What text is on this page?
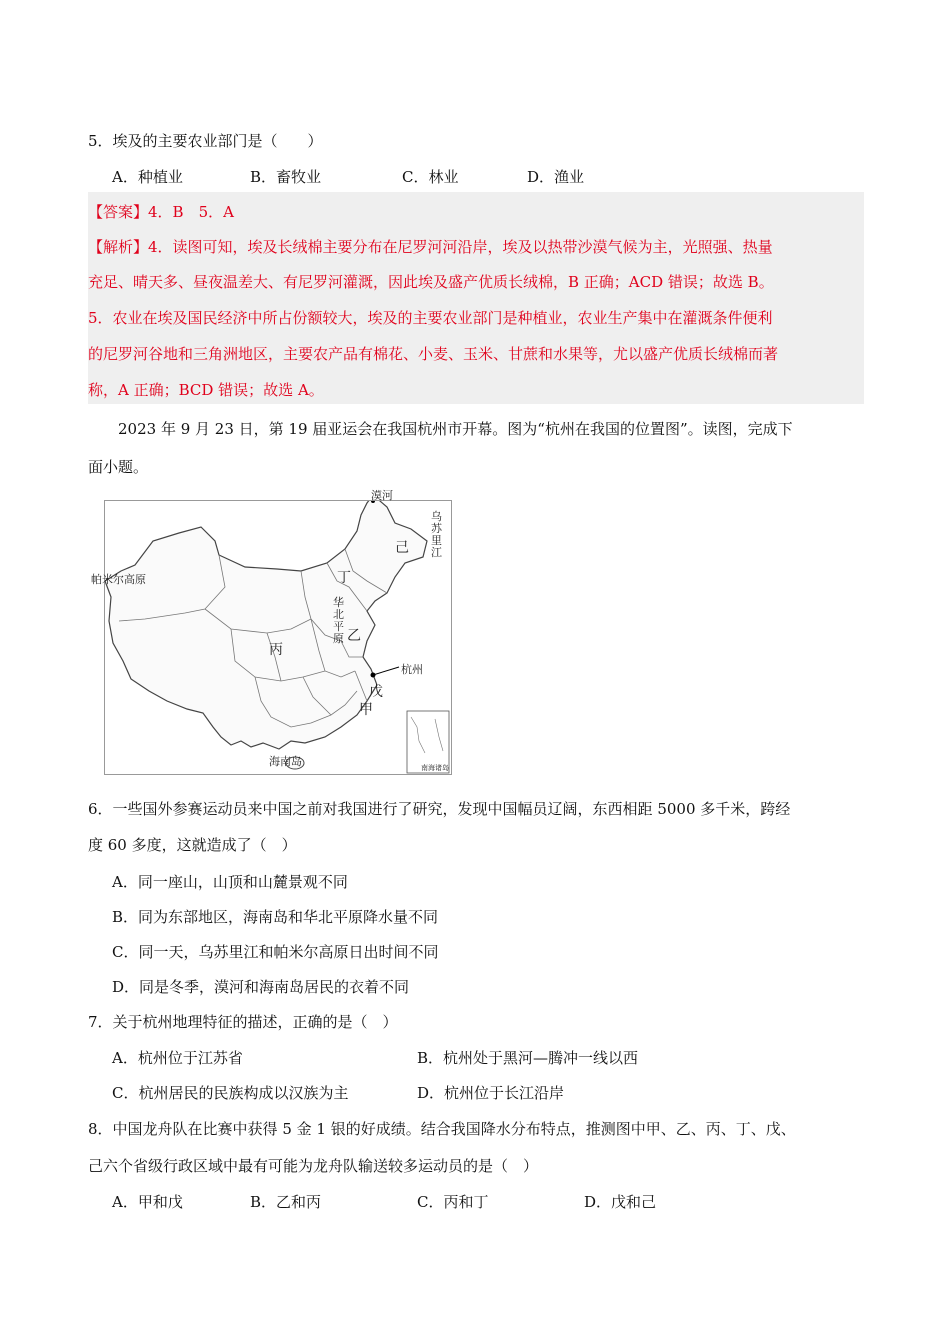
5．埃及的主要农业部门是（　　）
A．种植业	B．畜牧业	C．林业	D．渔业
【答案】4．B　5．A
【解析】4．读图可知，埃及长绒棉主要分布在尼罗河河沿岸，埃及以热带沙漠气候为主，光照强、热量
充足、晴天多、昼夜温差大、有尼罗河灌溉，因此埃及盛产优质长绒棉，B 正确；ACD 错误；故选 B。
5．农业在埃及国民经济中所占份额较大，埃及的主要农业部门是种植业，农业生产集中在灌溉条件便利
的尼罗河谷地和三角洲地区，主要农产品有棉花、小麦、玉米、甘蔗和水果等，尤以盛产优质长绒棉而著
称，A 正确；BCD 错误；故选 A。
2023 年 9 月 23 日，第 19 届亚运会在我国杭州市开幕。图为“杭州在我国的位置图”。读图，完成下
面小题。
漠河
乌苏里江
帕米尔高原
华北平原
杭州
海南岛	南海诸岛
己
丁
乙
丙
戊
甲
6．一些国外参赛运动员来中国之前对我国进行了研究，发现中国幅员辽阔，东西相距 5000 多千米，跨经
度 60 多度，这就造成了（　）
A．同一座山，山顶和山麓景观不同
B．同为东部地区，海南岛和华北平原降水量不同
C．同一天，乌苏里江和帕米尔高原日出时间不同
D．同是冬季，漠河和海南岛居民的衣着不同
7．关于杭州地理特征的描述，正确的是（　）
A．杭州位于江苏省	B．杭州处于黑河—腾冲一线以西
C．杭州居民的民族构成以汉族为主	D．杭州位于长江沿岸
8．中国龙舟队在比赛中获得 5 金 1 银的好成绩。结合我国降水分布特点，推测图中甲、乙、丙、丁、戊、
己六个省级行政区域中最有可能为龙舟队输送较多运动员的是（　）
A．甲和戊	B．乙和丙	C．丙和丁	D．戊和己
